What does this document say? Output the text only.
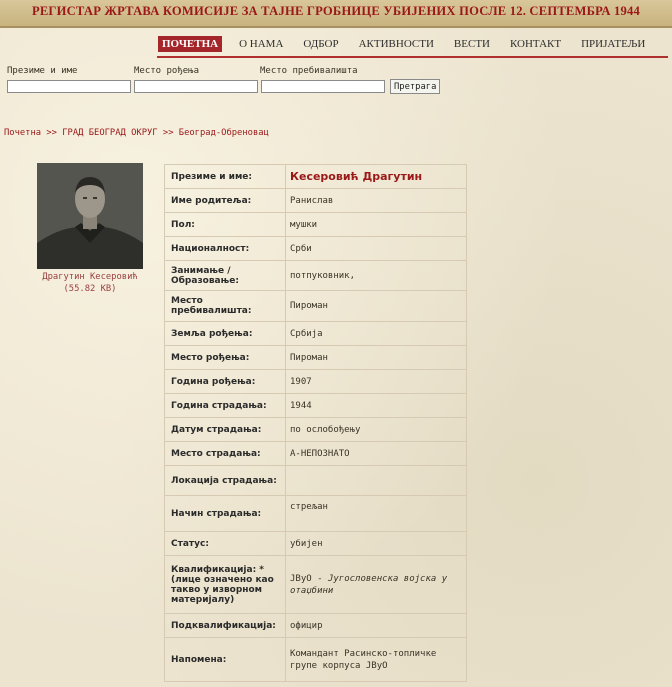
РЕГИСТАР ЖРТАВА КОМИСИЈЕ ЗА ТАЈНЕ ГРОБНИЦЕ УБИЈЕНИХ ПОСЛЕ 12. СЕПТЕМБРА 1944
ПОЧЕТНА	О НАМА ОДБОР АКТИВНОСТИ ВЕСТИ КОНТАКТ ПРИЈАТЕЉИ
Презиме и име	Место рођења	Место пребивалишта
Претрага
Почетна >> ГРАД БЕОГРАД ОКРУГ >> Београд-Обреновац
Драгутин Кесеровић
(55.82 KB)
Презиме и име:	Кесеровић Драгутин
Име родитеља:	Ранислав
Пол:	мушки
Националност:	Срби
Занимање / Образовање:	потпуковник,
Место пребивалишта:	Пироман
Земља рођења:	Србија
Место рођења:	Пироман
Година рођења:	1907
Година страдања:	1944
Датум страдања:	по ослобођењу
Место страдања:	А-НЕПОЗНАТО
Локација страдања:	
Начин страдања:	стрељан
Статус:	убијен
Квалификација: * (лице означено као такво у изворном материјалу)	ЈВуО - Југословенска војска у отаџбини
Подквалификација:	официр
Напомена:	Командант Расинско-топличке групе корпуса ЈВуО
